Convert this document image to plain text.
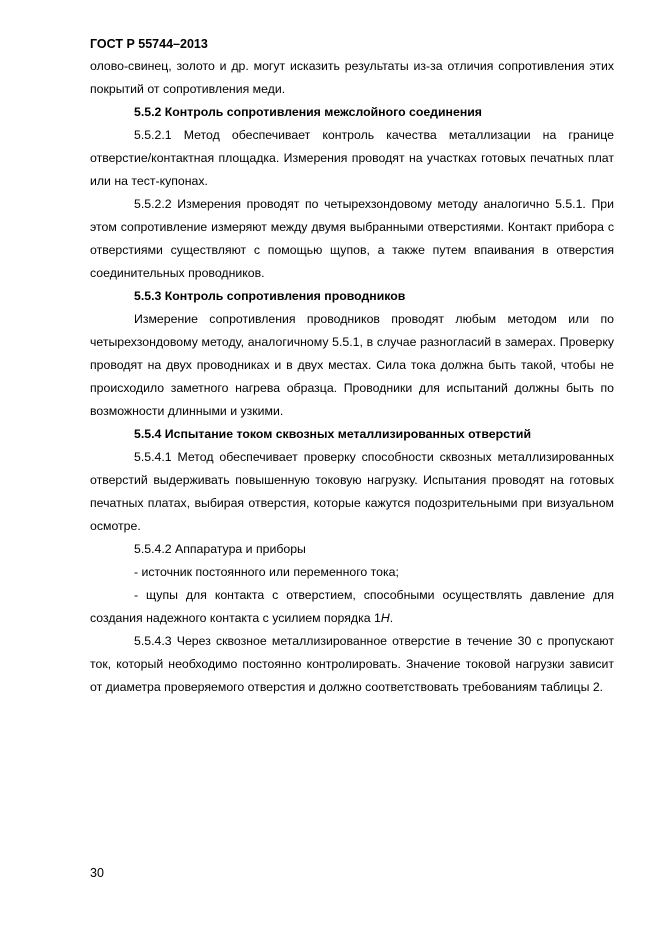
ГОСТ Р 55744–2013

олово-свинец, золото и др. могут исказить результаты из-за отличия сопротивления этих покрытий от сопротивления меди.

5.5.2 Контроль сопротивления межслойного соединения

5.5.2.1 Метод обеспечивает контроль качества металлизации на границе отверстие/контактная площадка. Измерения проводят на участках готовых печатных плат или на тест-купонах.

5.5.2.2 Измерения проводят по четырехзондовому методу аналогично 5.5.1. При этом сопротивление измеряют между двумя выбранными отверстиями. Контакт прибора с отверстиями существляют с помощью щупов, а также путем впаивания в отверстия соединительных проводников.

5.5.3 Контроль сопротивления проводников

Измерение сопротивления проводников проводят любым методом или по четырехзондовому методу, аналогичному 5.5.1, в случае разногласий в замерах. Проверку проводят на двух проводниках и в двух местах. Сила тока должна быть такой, чтобы не происходило заметного нагрева образца. Проводники для испытаний должны быть по возможности длинными и узкими.

5.5.4 Испытание током сквозных металлизированных отверстий

5.5.4.1 Метод обеспечивает проверку способности сквозных металлизированных отверстий выдерживать повышенную токовую нагрузку. Испытания проводят на готовых печатных платах, выбирая отверстия, которые кажутся подозрительными при визуальном осмотре.

5.5.4.2 Аппаратура и приборы

- источник постоянного или переменного тока;

- щупы для контакта с отверстием, способными осуществлять давление для создания надежного контакта с усилием порядка 1Н.

5.5.4.3 Через сквозное металлизированное отверстие в течение 30 с пропускают ток, который необходимо постоянно контролировать. Значение токовой нагрузки зависит от диаметра проверяемого отверстия и должно соответствовать требованиям таблицы 2.

30
